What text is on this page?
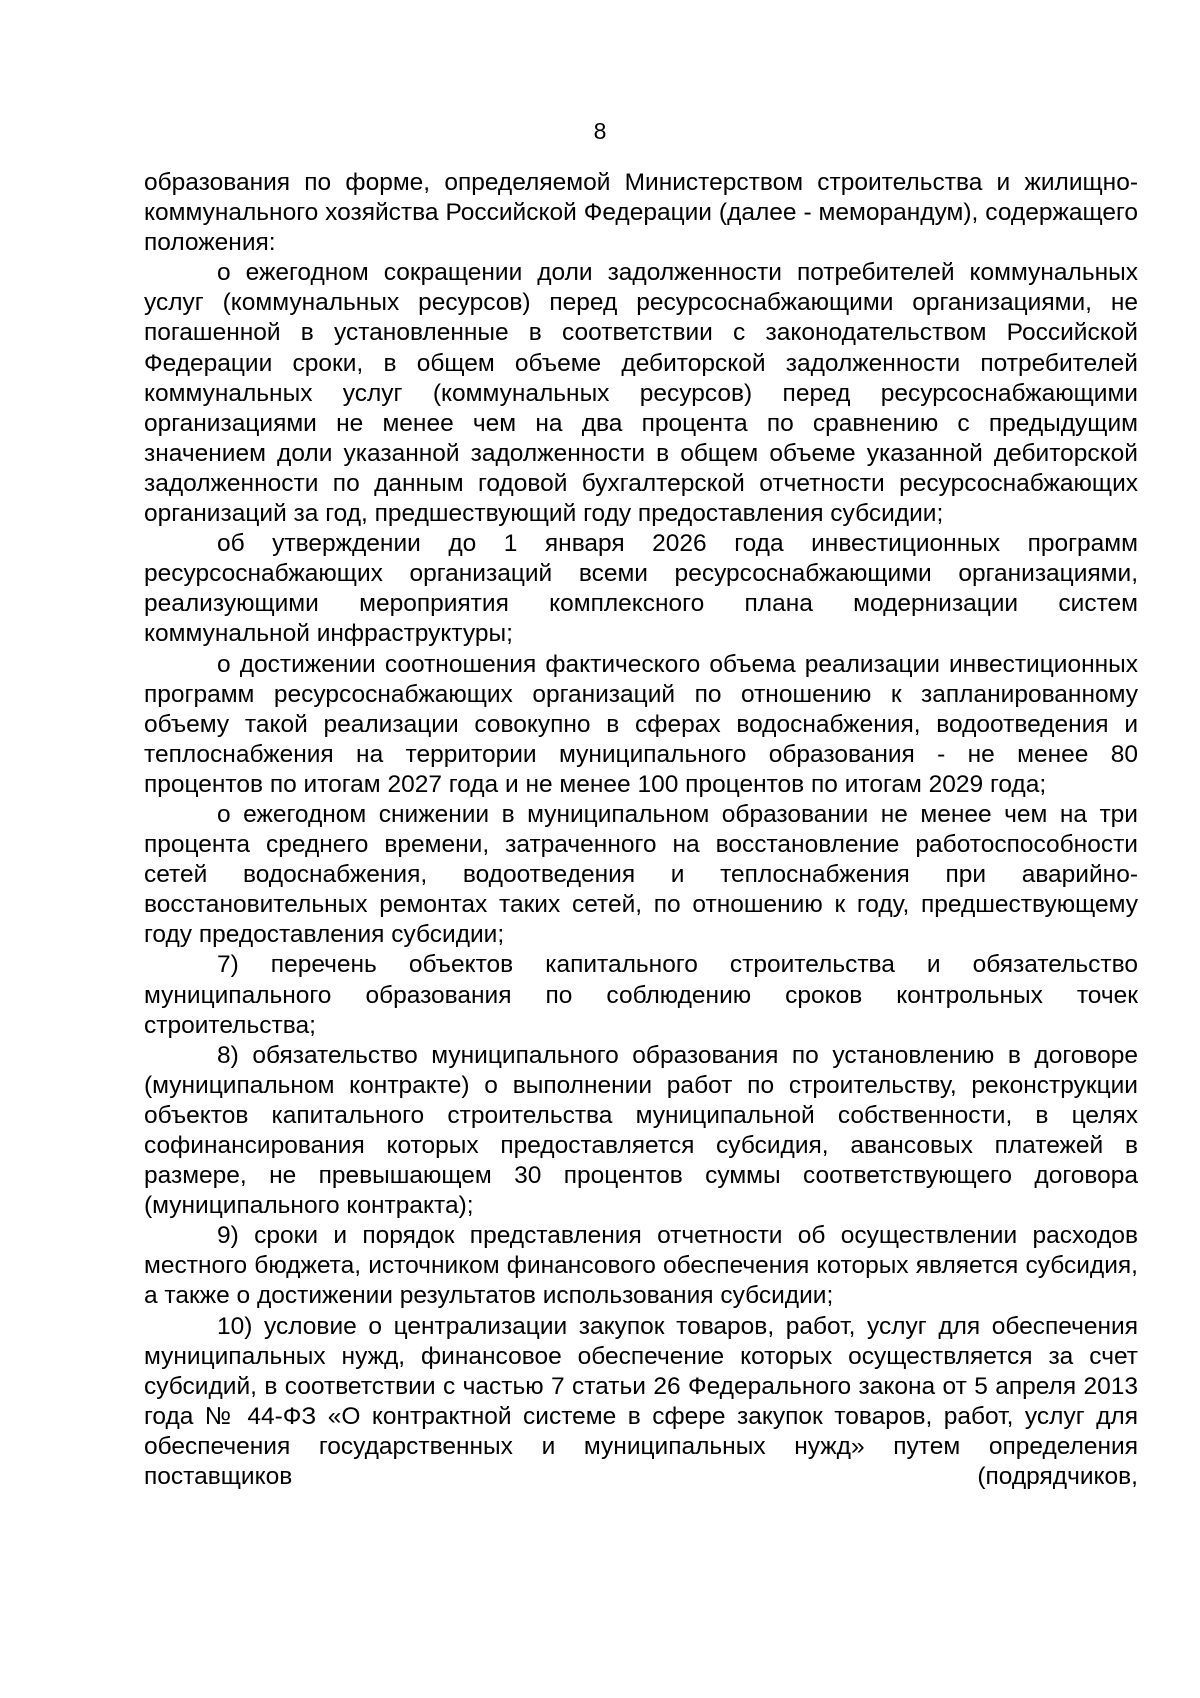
8

образования по форме, определяемой Министерством строительства и жилищно-коммунального хозяйства Российской Федерации (далее - меморандум), содержащего положения:

о ежегодном сокращении доли задолженности потребителей коммунальных услуг (коммунальных ресурсов) перед ресурсоснабжающими организациями, не погашенной в установленные в соответствии с законодательством Российской Федерации сроки, в общем объеме дебиторской задолженности потребителей коммунальных услуг (коммунальных ресурсов) перед ресурсоснабжающими организациями не менее чем на два процента по сравнению с предыдущим значением доли указанной задолженности в общем объеме указанной дебиторской задолженности по данным годовой бухгалтерской отчетности ресурсоснабжающих организаций за год, предшествующий году предоставления субсидии;

об утверждении до 1 января 2026 года инвестиционных программ ресурсоснабжающих организаций всеми ресурсоснабжающими организациями, реализующими мероприятия комплексного плана модернизации систем коммунальной инфраструктуры;

о достижении соотношения фактического объема реализации инвестиционных программ ресурсоснабжающих организаций по отношению к запланированному объему такой реализации совокупно в сферах водоснабжения, водоотведения и теплоснабжения на территории муниципального образования - не менее 80 процентов по итогам 2027 года и не менее 100 процентов по итогам 2029 года;

о ежегодном снижении в муниципальном образовании не менее чем на три процента среднего времени, затраченного на восстановление работоспособности сетей водоснабжения, водоотведения и теплоснабжения при аварийно-восстановительных ремонтах таких сетей, по отношению к году, предшествующему году предоставления субсидии;

7) перечень объектов капитального строительства и обязательство муниципального образования по соблюдению сроков контрольных точек строительства;

8) обязательство муниципального образования по установлению в договоре (муниципальном контракте) о выполнении работ по строительству, реконструкции объектов капитального строительства муниципальной собственности, в целях софинансирования которых предоставляется субсидия, авансовых платежей в размере, не превышающем 30 процентов суммы соответствующего договора (муниципального контракта);

9) сроки и порядок представления отчетности об осуществлении расходов местного бюджета, источником финансового обеспечения которых является субсидия, а также о достижении результатов использования субсидии;

10) условие о централизации закупок товаров, работ, услуг для обеспечения муниципальных нужд, финансовое обеспечение которых осуществляется за счет субсидий, в соответствии с частью 7 статьи 26 Федерального закона от 5 апреля 2013 года № 44-ФЗ «О контрактной системе в сфере закупок товаров, работ, услуг для обеспечения государственных и муниципальных нужд» путем определения поставщиков (подрядчиков,
